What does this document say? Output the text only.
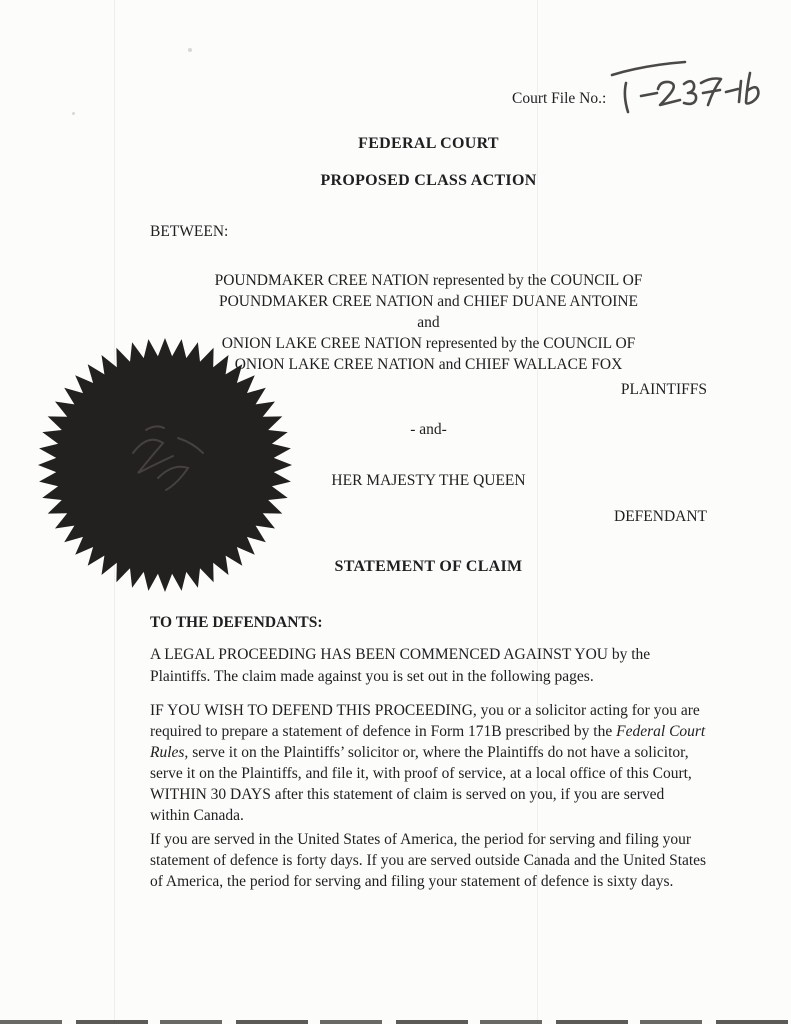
Court File No.:
FEDERAL COURT
PROPOSED CLASS ACTION
BETWEEN:
POUNDMAKER CREE NATION represented by the COUNCIL OF
POUNDMAKER CREE NATION and CHIEF DUANE ANTOINE
and
ONION LAKE CREE NATION represented by the COUNCIL OF
ONION LAKE CREE NATION and CHIEF WALLACE FOX
PLAINTIFFS
- and-
HER MAJESTY THE QUEEN
DEFENDANT
STATEMENT OF CLAIM
TO THE DEFENDANTS:
A LEGAL PROCEEDING HAS BEEN COMMENCED AGAINST YOU by the Plaintiffs. The claim made against you is set out in the following pages.
IF YOU WISH TO DEFEND THIS PROCEEDING, you or a solicitor acting for you are required to prepare a statement of defence in Form 171B prescribed by the Federal Court Rules, serve it on the Plaintiffs’ solicitor or, where the Plaintiffs do not have a solicitor, serve it on the Plaintiffs, and file it, with proof of service, at a local office of this Court, WITHIN 30 DAYS after this statement of claim is served on you, if you are served within Canada.
If you are served in the United States of America, the period for serving and filing your statement of defence is forty days. If you are served outside Canada and the United States of America, the period for serving and filing your statement of defence is sixty days.
